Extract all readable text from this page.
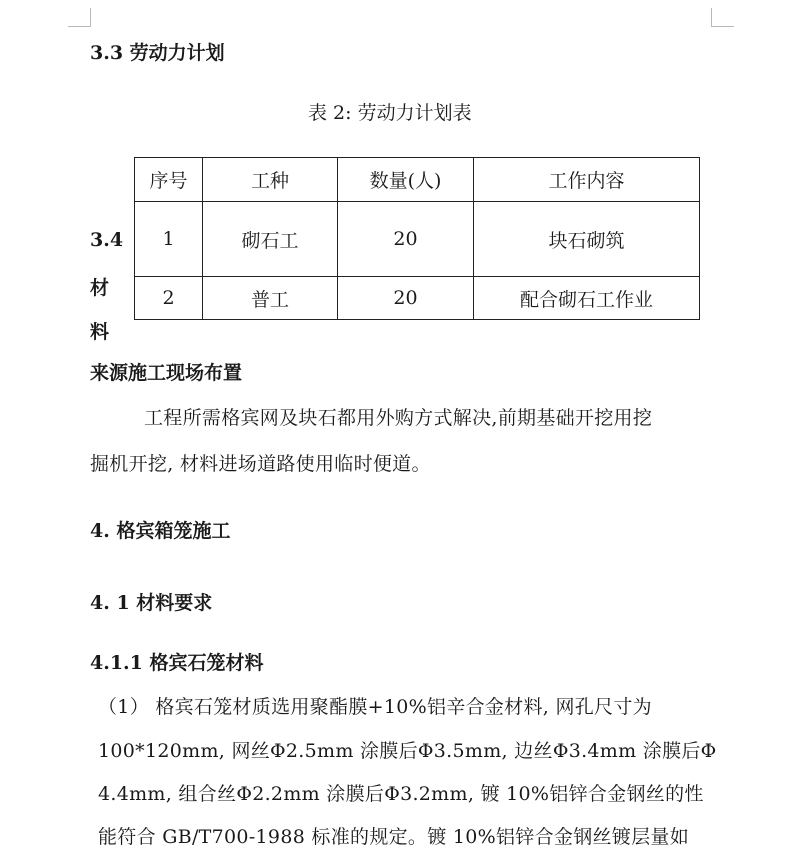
3.3 劳动力计划
表 2: 劳动力计划表
序号	工种	数量(人)	工作内容
1	砌石工	20	块石砌筑
2	普工	20	配合砌石工作业
3.4
材
料
来源施工现场布置
工程所需格宾网及块石都用外购方式解决,前期基础开挖用挖
掘机开挖, 材料进场道路使用临时便道。
4. 格宾箱笼施工
4. 1 材料要求
4.1.1 格宾石笼材料
（1） 格宾石笼材质选用聚酯膜+10%铝辛合金材料, 网孔尺寸为
100*120mm, 网丝Φ2.5mm 涂膜后Φ3.5mm, 边丝Φ3.4mm 涂膜后Φ
4.4mm, 组合丝Φ2.2mm 涂膜后Φ3.2mm, 镀 10%铝锌合金钢丝的性
能符合 GB/T700-1988 标准的规定。镀 10%铝锌合金钢丝镀层量如
